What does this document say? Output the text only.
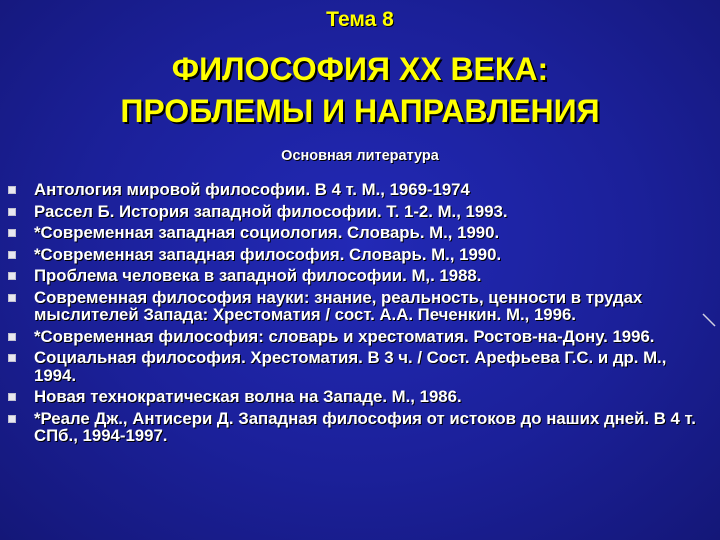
Тема 8
ФИЛОСОФИЯ XX ВЕКА:
ПРОБЛЕМЫ И НАПРАВЛЕНИЯ
Основная литература
Антология мировой философии. В 4 т. М., 1969-1974
Рассел Б. История западной философии. Т. 1-2. М., 1993.
*Современная западная социология. Словарь. М., 1990.
*Современная западная философия. Словарь. М., 1990.
Проблема человека в западной философии. М,. 1988.
Современная философия науки: знание, реальность, ценности в трудах мыслителей Запада: Хрестоматия / сост. А.А. Печенкин. М., 1996.
*Современная философия: словарь и хрестоматия. Ростов-на-Дону. 1996.
Социальная философия. Хрестоматия. В 3 ч. / Сост. Арефьева Г.С. и др. М., 1994.
Новая технократическая волна на Западе. М., 1986.
*Реале Дж., Антисери Д. Западная философия от истоков до наших дней. В 4 т. СПб., 1994-1997.
